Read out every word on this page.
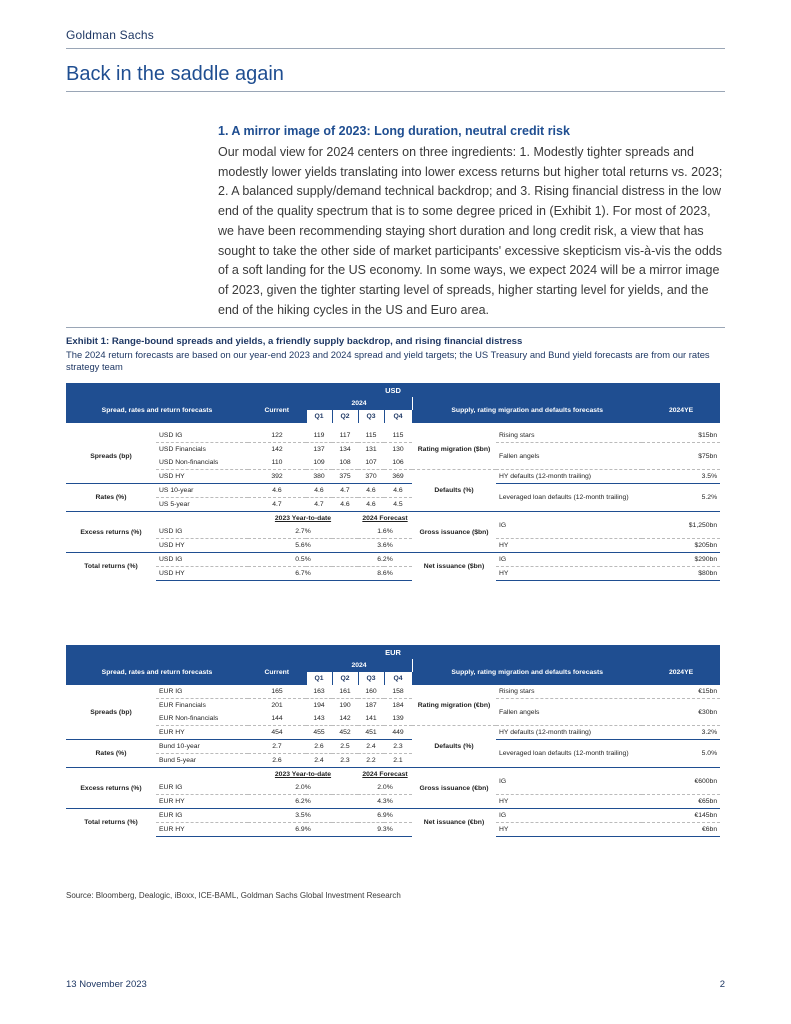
Goldman Sachs
Back in the saddle again
1. A mirror image of 2023: Long duration, neutral credit risk

Our modal view for 2024 centers on three ingredients: 1. Modestly tighter spreads and modestly lower yields translating into lower excess returns but higher total returns vs. 2023; 2. A balanced supply/demand technical backdrop; and 3. Rising financial distress in the low end of the quality spectrum that is to some degree priced in (Exhibit 1). For most of 2023, we have been recommending staying short duration and long credit risk, a view that has sought to take the other side of market participants' excessive skepticism vis-à-vis the odds of a soft landing for the US economy. In some ways, we expect 2024 will be a mirror image of 2023, given the tighter starting level of spreads, higher starting level for yields, and the end of the hiking cycles in the US and Euro area.

Exhibit 1: Range-bound spreads and yields, a friendly supply backdrop, and rising financial distress
The 2024 return forecasts are based on our year-end 2023 and 2024 spread and yield targets; the US Treasury and Bund yield forecasts are from our rates strategy team
USD									
Spread, rates and return forecasts		Current	2024				Supply, rating migration and defaults forecasts		2024YE
			Q1	Q2	Q3	Q4			

Spreads (bp)	USD IG	122	119	117	115	115	Rating migration ($bn)	Rising stars	$15bn
	USD Financials	142	137	134	131	130		Fallen angels	$75bn
	USD Non-financials	110	109	108	107	106			
	USD HY	392	380	375	370	369	Defaults (%)	HY defaults (12-month trailing)	3.5%
Rates (%)	US 10-year	4.6	4.6	4.7	4.6	4.6		Leveraged loan defaults (12-month trailing)	5.2%
	US 5-year	4.7	4.7	4.6	4.6	4.5			
Excess returns (%)		2023 Year-to-date			2024 Forecast		Gross issuance ($bn)	IG	$1,250bn
	USD IG	2.7%			1.6%				
	USD HY	5.6%			3.6%			HY	$205bn
Total returns (%)	USD IG	0.5%			6.2%		Net issuance ($bn)	IG	$290bn
	USD HY	6.7%			8.6%			HY	$80bn
EUR									
Spread, rates and return forecasts		Current	2024				Supply, rating migration and defaults forecasts		2024YE
			Q1	Q2	Q3	Q4			
Spreads (bp)	EUR IG	165	163	161	160	158	Rating migration (€bn)	Rising stars	€15bn
	EUR Financials	201	194	190	187	184		Fallen angels	€30bn
	EUR Non-financials	144	143	142	141	139			
	EUR HY	454	455	452	451	449	Defaults (%)	HY defaults (12-month trailing)	3.2%
Rates (%)	Bund 10-year	2.7	2.6	2.5	2.4	2.3		Leveraged loan defaults (12-month trailing)	5.0%
	Bund 5-year	2.6	2.4	2.3	2.2	2.1			
Excess returns (%)		2023 Year-to-date			2024 Forecast		Gross issuance (€bn)	IG	€600bn
	EUR IG	2.0%			2.0%				
	EUR HY	6.2%			4.3%			HY	€65bn
Total returns (%)	EUR IG	3.5%			6.9%		Net issuance (€bn)	IG	€145bn
	EUR HY	6.9%			9.3%			HY	€6bn
Source: Bloomberg, Dealogic, iBoxx, ICE-BAML, Goldman Sachs Global Investment Research
13 November 2023	2
